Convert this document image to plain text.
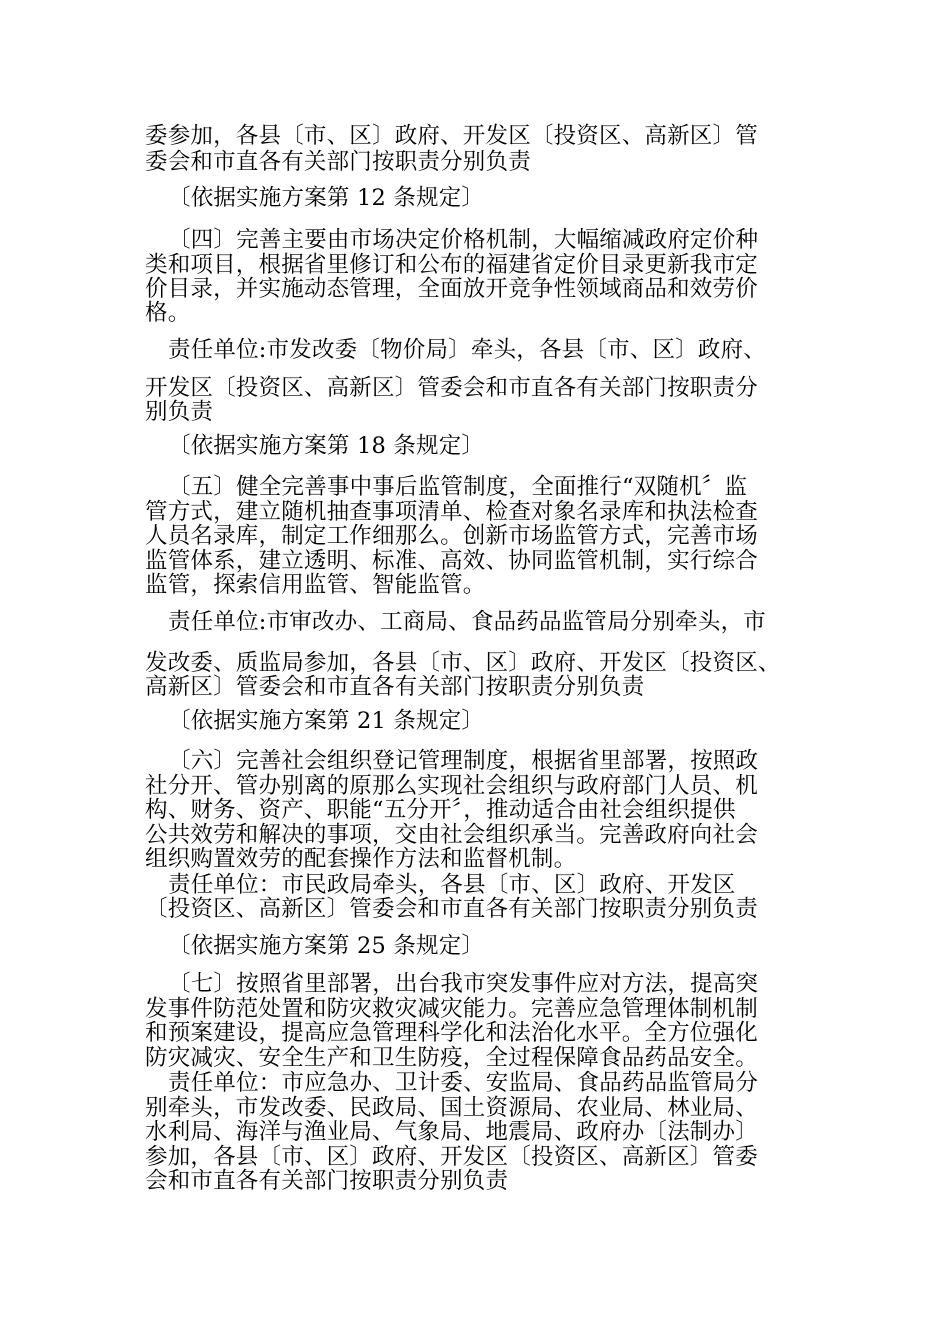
委参加，各县〔市、区〕政府、开发区〔投资区、高新区〕管
委会和市直各有关部门按职责分别负责
〔依据实施方案第 12 条规定〕
〔四〕完善主要由市场决定价格机制，大幅缩减政府定价种
类和项目，根据省里修订和公布的福建省定价目录更新我市定
价目录，并实施动态管理，全面放开竞争性领域商品和效劳价
格。
责任单位:市发改委〔物价局〕牵头，各县〔市、区〕政府、
开发区〔投资区、高新区〕管委会和市直各有关部门按职责分
别负责
〔依据实施方案第 18 条规定〕
〔五〕健全完善事中事后监管制度，全面推行“双随机〞监
管方式，建立随机抽查事项清单、检查对象名录库和执法检查
人员名录库，制定工作细那么。创新市场监管方式，完善市场
监管体系，建立透明、标准、高效、协同监管机制，实行综合
监管，探索信用监管、智能监管。
责任单位:市审改办、工商局、食品药品监管局分别牵头，市
发改委、质监局参加，各县〔市、区〕政府、开发区〔投资区、
高新区〕管委会和市直各有关部门按职责分别负责
〔依据实施方案第 21 条规定〕
〔六〕完善社会组织登记管理制度，根据省里部署，按照政
社分开、管办别离的原那么实现社会组织与政府部门人员、机
构、财务、资产、职能“五分开〞，推动适合由社会组织提供
公共效劳和解决的事项，交由社会组织承当。完善政府向社会
组织购置效劳的配套操作方法和监督机制。
责任单位：市民政局牵头，各县〔市、区〕政府、开发区
〔投资区、高新区〕管委会和市直各有关部门按职责分别负责
〔依据实施方案第 25 条规定〕
〔七〕按照省里部署，出台我市突发事件应对方法，提高突
发事件防范处置和防灾救灾减灾能力。完善应急管理体制机制
和预案建设，提高应急管理科学化和法治化水平。全方位强化
防灾减灾、安全生产和卫生防疫，全过程保障食品药品安全。
责任单位：市应急办、卫计委、安监局、食品药品监管局分
别牵头，市发改委、民政局、国土资源局、农业局、林业局、
水利局、海洋与渔业局、气象局、地震局、政府办〔法制办〕
参加，各县〔市、区〕政府、开发区〔投资区、高新区〕管委
会和市直各有关部门按职责分别负责
